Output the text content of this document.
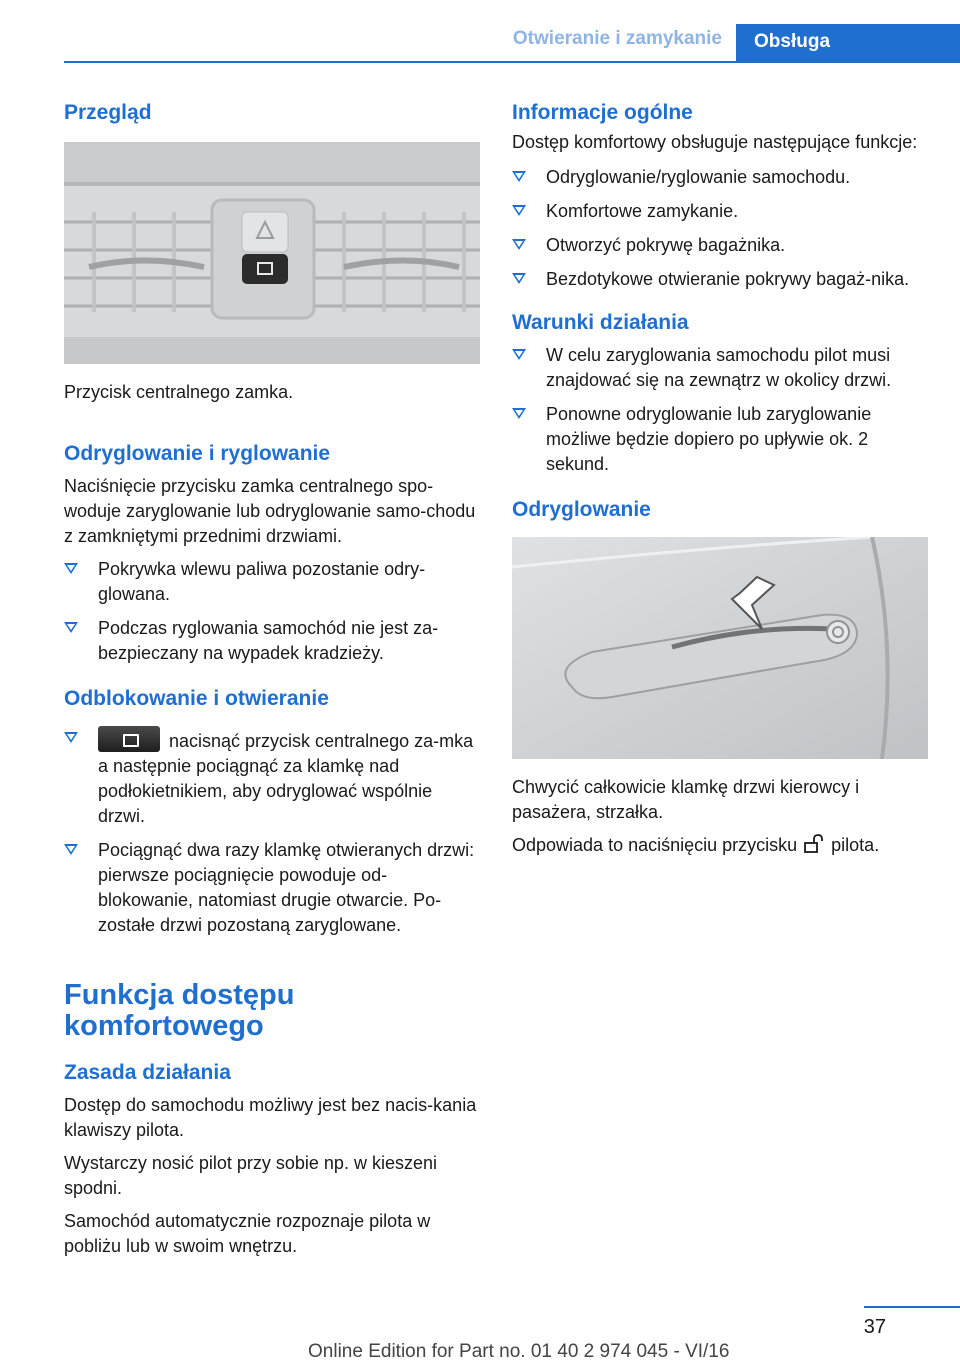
Otwieranie i zamykanie	Obsługa
Przegląd

Przycisk centralnego zamka.

Odryglowanie i ryglowanie

Naciśnięcie przycisku zamka centralnego spo-woduje zaryglowanie lub odryglowanie samo-chodu z zamkniętymi przednimi drzwiami.

Pokrywka wlewu paliwa pozostanie odry-glowana.
Podczas ryglowania samochód nie jest za-bezpieczany na wypadek kradzieży.
Odblokowanie i otwieranie
nacisnąć przycisk centralnego za-mka a następnie pociągnąć za klamkę nad podłokietnikiem, aby odryglować wspólnie drzwi.
Pociągnąć dwa razy klamkę otwieranych drzwi: pierwsze pociągnięcie powoduje od-blokowanie, natomiast drugie otwarcie. Po-zostałe drzwi pozostaną zaryglowane.
Funkcja dostępu komfortowego
Zasada działania

Dostęp do samochodu możliwy jest bez nacis-kania klawiszy pilota.

Wystarczy nosić pilot przy sobie np. w kieszeni spodni.

Samochód automatycznie rozpoznaje pilota w pobliżu lub w swoim wnętrzu.

Informacje ogólne

Dostęp komfortowy obsługuje następujące funkcje:

Odryglowanie/ryglowanie samochodu.
Komfortowe zamykanie.
Otworzyć pokrywę bagażnika.
Bezdotykowe otwieranie pokrywy bagaż-nika.
Warunki działania
W celu zaryglowania samochodu pilot musi znajdować się na zewnątrz w okolicy drzwi.
Ponowne odryglowanie lub zaryglowanie możliwe będzie dopiero po upływie ok. 2 sekund.
Odryglowanie

Chwycić całkowicie klamkę drzwi kierowcy i pasażera, strzałka.

Odpowiada to naciśnięciu przycisku pilota.

37
Online Edition for Part no. 01 40 2 974 045 - VI/16
